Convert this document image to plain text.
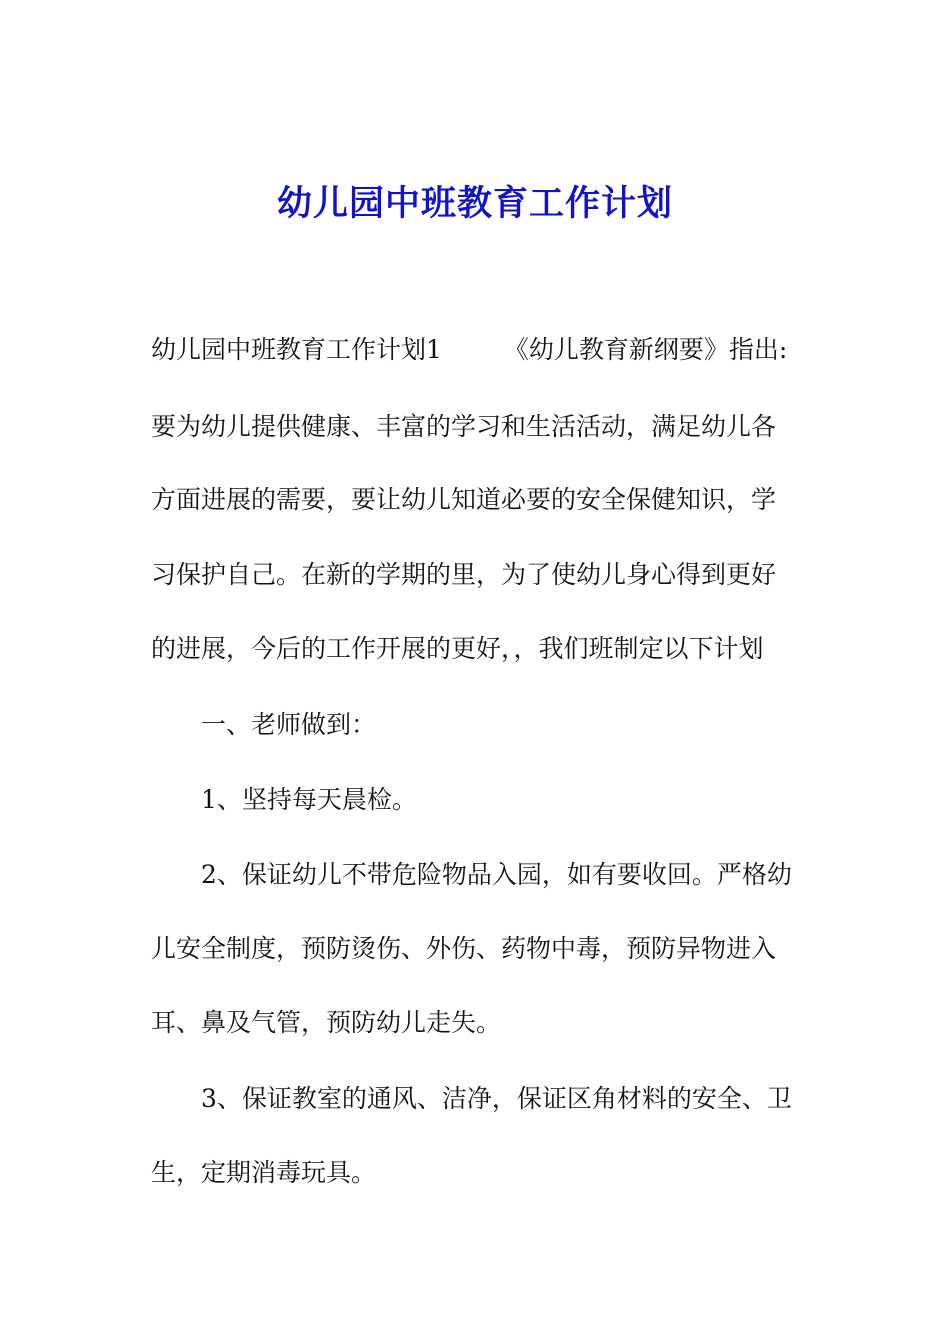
幼儿园中班教育工作计划
幼儿园中班教育工作计划1 《幼儿教育新纲要》指出:
要为幼儿提供健康、丰富的学习和生活活动，满足幼儿各
方面进展的需要，要让幼儿知道必要的安全保健知识，学
习保护自己。在新的学期的里，为了使幼儿身心得到更好
的进展，今后的工作开展的更好，，我们班制定以下计划
一、老师做到：
1、坚持每天晨检。
2、保证幼儿不带危险物品入园，如有要收回。严格幼
儿安全制度，预防烫伤、外伤、药物中毒，预防异物进入
耳、鼻及气管，预防幼儿走失。
3、保证教室的通风、洁净，保证区角材料的安全、卫
生，定期消毒玩具。
